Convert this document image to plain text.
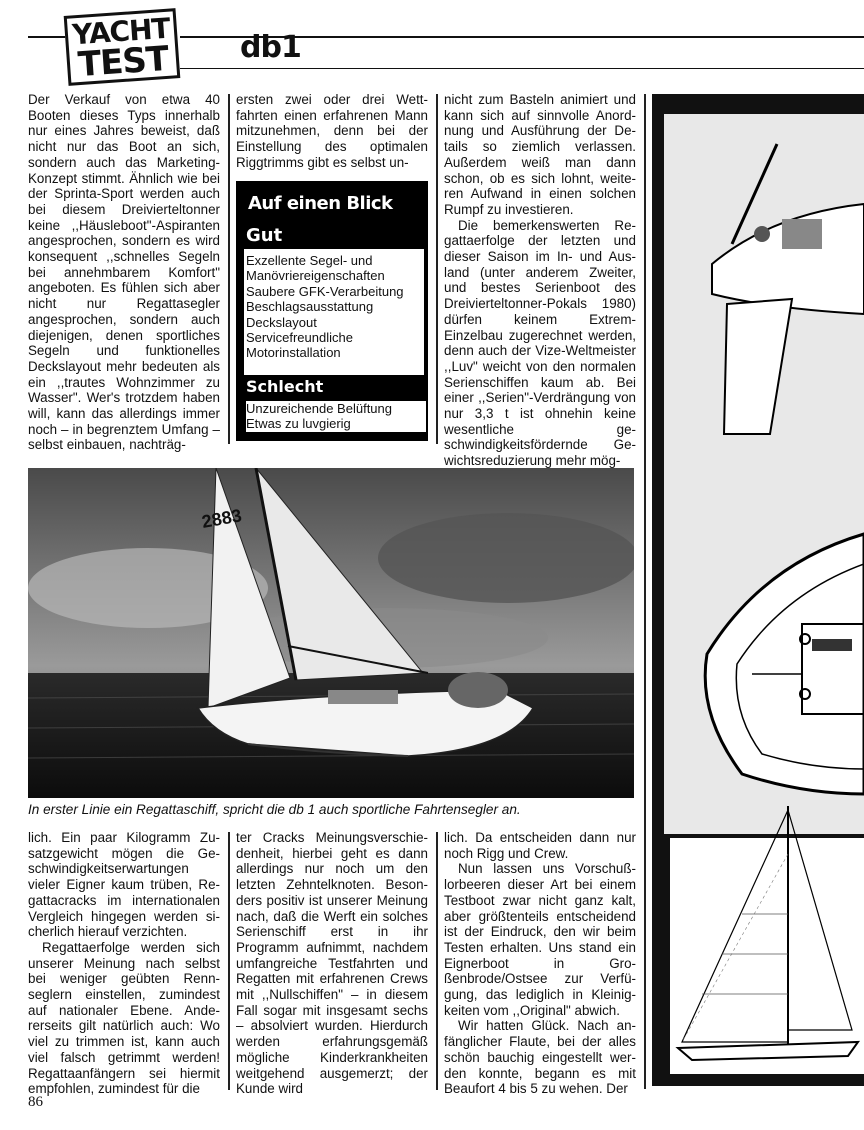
YACHT
TEST db1

Der Verkauf von etwa 40 Booten dieses Typs innerhalb nur eines Jahres beweist, daß nicht nur das Boot an sich, sondern auch das Marketing-Konzept stimmt. Ähnlich wie bei der Sprinta-Sport werden auch bei diesem Dreivierteltonner keine ,,Häusleboot"-Aspiranten angesprochen, sondern es wird konsequent ,,schnelles Segeln bei annehmbarem Komfort" angeboten. Es fühlen sich aber nicht nur Regattasegler angesprochen, sondern auch diejenigen, denen sportliches Segeln und funktionelles Deckslayout mehr bedeuten als ein ,,trautes Wohnzimmer zu Wasser". Wer's trotzdem haben will, kann das allerdings immer noch – in begrenztem Umfang – selbst einbauen, nachträg-

ersten zwei oder drei Wettfahrten einen erfahrenen Mann mitzunehmen, denn bei der Einstellung des optimalen Riggtrimms gibt es selbst un-

Auf einen Blick
Gut
Exzellente Segel- und
Manövriereigenschaften
Saubere GFK-Verarbeitung
Beschlagsausstattung
Deckslayout
Servicefreundliche
Motorinstallation
Schlecht
Unzureichende Belüftung
Etwas zu luvgierig

nicht zum Basteln animiert und kann sich auf sinnvolle Anordnung und Ausführung der Details so ziemlich verlassen. Außerdem weiß man dann schon, ob es sich lohnt, weiteren Aufwand in einen solchen Rumpf zu investieren.

Die bemerkenswerten Regattaerfolge der letzten und dieser Saison im In- und Ausland (unter anderem Zweiter, und bestes Serienboot des Dreivierteltonner-Pokals 1980) dürfen keinem Extrem-Einzelbau zugerechnet werden, denn auch der Vize-Weltmeister ,,Luv" weicht von den normalen Serienschiffen kaum ab. Bei einer ,,Serien"-Verdrängung von nur 3,3 t ist ohnehin keine wesentliche geschwindigkeitsfördernde Gewichtsreduzierung mehr mög-

2883
In erster Linie ein Regattaschiff, spricht die db 1 auch sportliche Fahrtensegler an.

lich. Ein paar Kilogramm Zusatzgewicht mögen die Geschwindigkeitserwartungen vieler Eigner kaum trüben, Regattacracks im internationalen Vergleich hingegen werden sicherlich hierauf verzichten.

Regattaerfolge werden sich unserer Meinung nach selbst bei weniger geübten Rennseglern einstellen, zumindest auf nationaler Ebene. Andererseits gilt natürlich auch: Wo viel zu trimmen ist, kann auch viel falsch getrimmt werden! Regattaanfängern sei hiermit empfohlen, zumindest für die

ter Cracks Meinungsverschiedenheit, hierbei geht es dann allerdings nur noch um den letzten Zehntelknoten. Besonders positiv ist unserer Meinung nach, daß die Werft ein solches Serienschiff erst in ihr Programm aufnimmt, nachdem umfangreiche Testfahrten und Regatten mit erfahrenen Crews mit ,,Nullschiffen" – in diesem Fall sogar mit insgesamt sechs – absolviert wurden. Hierdurch werden erfahrungsgemäß mögliche Kinderkrankheiten weitgehend ausgemerzt; der Kunde wird

lich. Da entscheiden dann nur noch Rigg und Crew.

Nun lassen uns Vorschußlorbeeren dieser Art bei einem Testboot zwar nicht ganz kalt, aber größtenteils entscheidend ist der Eindruck, den wir beim Testen erhalten. Uns stand ein Eignerboot in Großenbrode/Ostsee zur Verfügung, das lediglich in Kleinigkeiten vom ,,Original" abwich.

Wir hatten Glück. Nach anfänglicher Flaute, bei der alles schön bauchig eingestellt werden konnte, begann es mit Beaufort 4 bis 5 zu wehen. Der

86
